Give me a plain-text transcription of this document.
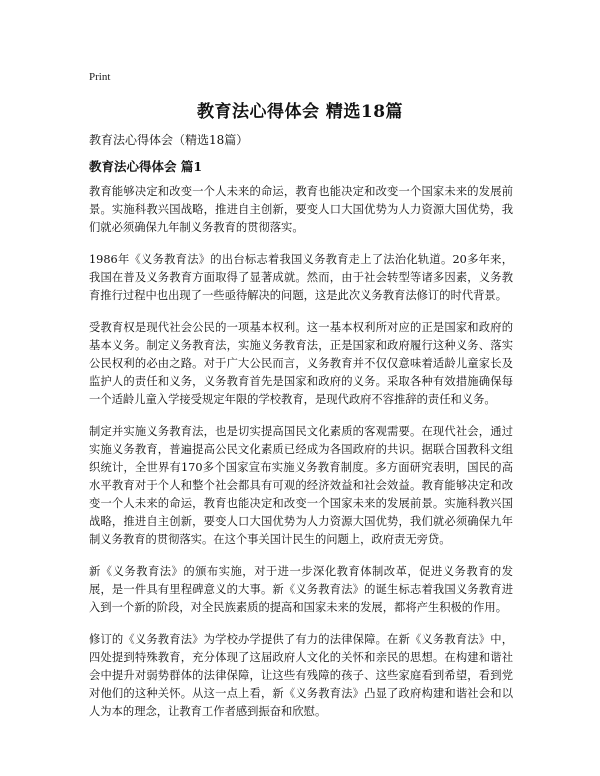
Print
教育法心得体会 精选18篇

教育法心得体会（精选18篇）

教育法心得体会 篇1

教育能够决定和改变一个人未来的命运，教育也能决定和改变一个国家未来的发展前景。实施科教兴国战略，推进自主创新，要变人口大国优势为人力资源大国优势，我们就必须确保九年制义务教育的贯彻落实。

1986年《义务教育法》的出台标志着我国义务教育走上了法治化轨道。20多年来，我国在普及义务教育方面取得了显著成就。然而，由于社会转型等诸多因素，义务教育推行过程中也出现了一些亟待解决的问题，这是此次义务教育法修订的时代背景。

受教育权是现代社会公民的一项基本权利。这一基本权利所对应的正是国家和政府的基本义务。制定义务教育法，实施义务教育法，正是国家和政府履行这种义务、落实公民权利的必由之路。对于广大公民而言，义务教育并不仅仅意味着适龄儿童家长及监护人的责任和义务，义务教育首先是国家和政府的义务。采取各种有效措施确保每一个适龄儿童入学接受规定年限的学校教育，是现代政府不容推辞的责任和义务。

制定并实施义务教育法，也是切实提高国民文化素质的客观需要。在现代社会，通过实施义务教育，普遍提高公民文化素质已经成为各国政府的共识。据联合国教科文组织统计，全世界有170多个国家宣布实施义务教育制度。多方面研究表明，国民的高水平教育对于个人和整个社会都具有可观的经济效益和社会效益。教育能够决定和改变一个人未来的命运，教育也能决定和改变一个国家未来的发展前景。实施科教兴国战略，推进自主创新，要变人口大国优势为人力资源大国优势，我们就必须确保九年制义务教育的贯彻落实。在这个事关国计民生的问题上，政府责无旁贷。

新《义务教育法》的颁布实施，对于进一步深化教育体制改革，促进义务教育的发展，是一件具有里程碑意义的大事。新《义务教育法》的诞生标志着我国义务教育进入到一个新的阶段，对全民族素质的提高和国家未来的发展，都将产生积极的作用。

修订的《义务教育法》为学校办学提供了有力的法律保障。在新《义务教育法》中，四处提到特殊教育，充分体现了这届政府人文化的关怀和亲民的思想。在构建和谐社会中提升对弱势群体的法律保障，让这些有残障的孩子、这些家庭看到希望，看到党对他们的这种关怀。从这一点上看，新《义务教育法》凸显了政府构建和谐社会和以人为本的理念，让教育工作者感到振奋和欣慰。
